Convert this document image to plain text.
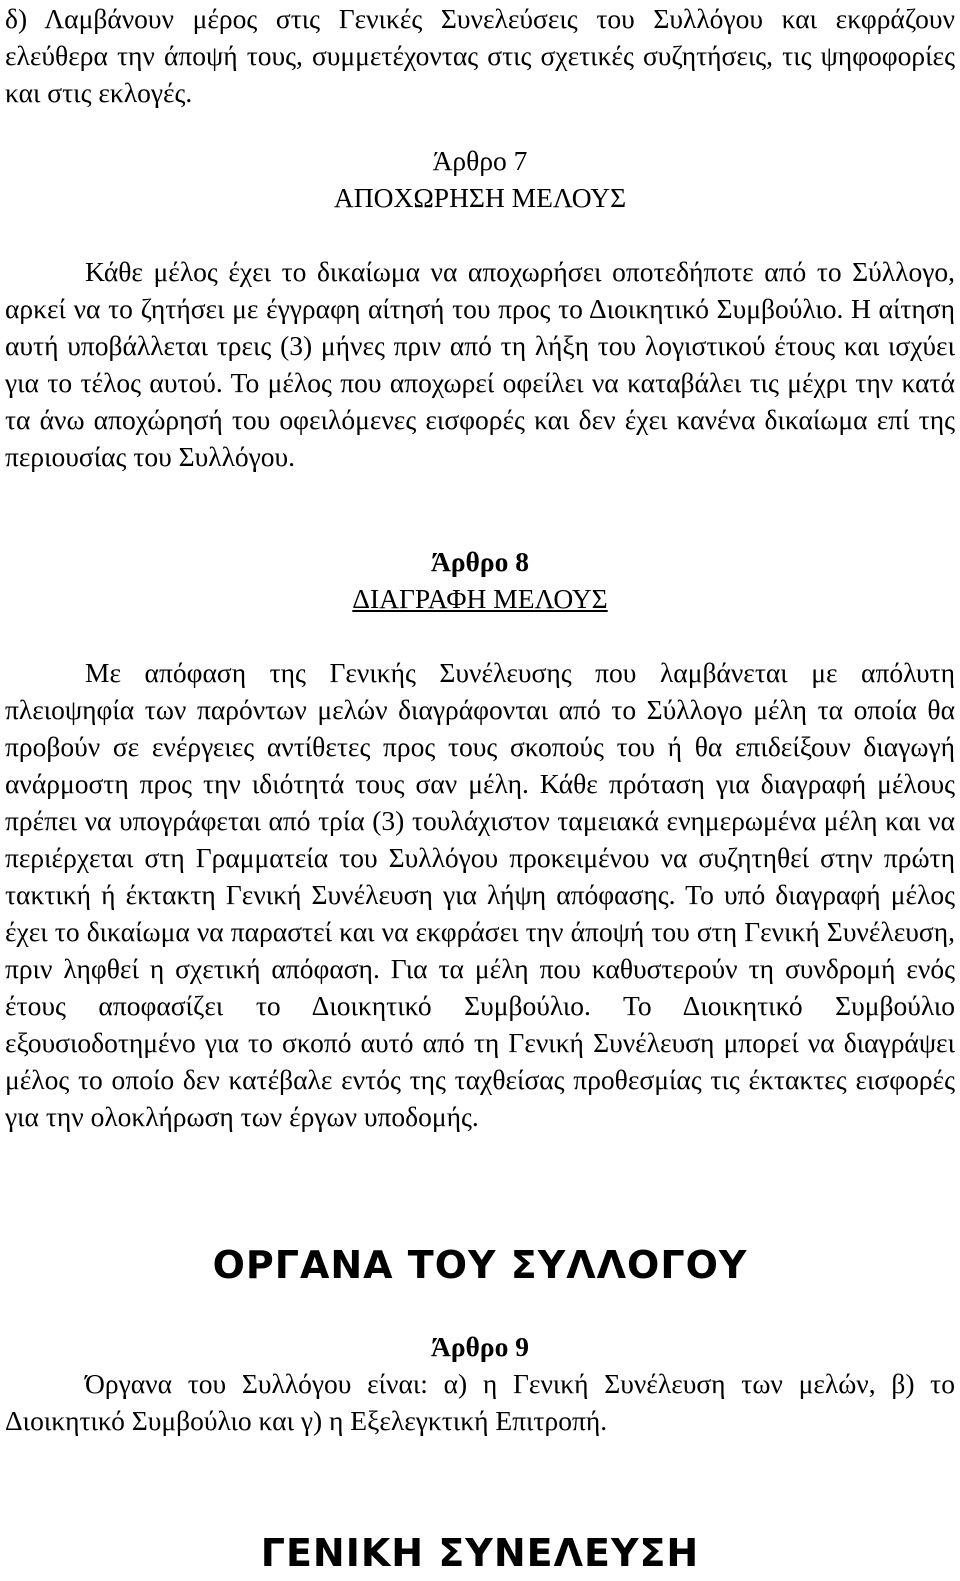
δ) Λαμβάνουν μέρος στις Γενικές Συνελεύσεις του Συλλόγου και εκφράζουν ελεύθερα την άποψή τους, συμμετέχοντας στις σχετικές συζητήσεις, τις ψηφοφορίες και στις εκλογές.

Άρθρο 7

ΑΠΟΧΩΡΗΣΗ ΜΕΛΟΥΣ

Κάθε μέλος έχει το δικαίωμα να αποχωρήσει οποτεδήποτε από το Σύλλογο, αρκεί να το ζητήσει με έγγραφη αίτησή του προς το Διοικητικό Συμβούλιο. Η αίτηση αυτή υποβάλλεται τρεις (3) μήνες πριν από τη λήξη του λογιστικού έτους και ισχύει για το τέλος αυτού. Το μέλος που αποχωρεί οφείλει να καταβάλει τις μέχρι την κατά τα άνω αποχώρησή του οφειλόμενες εισφορές και δεν έχει κανένα δικαίωμα επί της περιουσίας του Συλλόγου.

Άρθρο 8

ΔΙΑΓΡΑΦΗ ΜΕΛΟΥΣ

Με απόφαση της Γενικής Συνέλευσης που λαμβάνεται με απόλυτη πλειοψηφία των παρόντων μελών διαγράφονται από το Σύλλογο μέλη τα οποία θα προβούν σε ενέργειες αντίθετες προς τους σκοπούς του ή θα επιδείξουν διαγωγή ανάρμοστη προς την ιδιότητά τους σαν μέλη. Κάθε πρόταση για διαγραφή μέλους πρέπει να υπογράφεται από τρία (3) τουλάχιστον ταμειακά ενημερωμένα μέλη και να περιέρχεται στη Γραμματεία του Συλλόγου προκειμένου να συζητηθεί στην πρώτη τακτική ή έκτακτη Γενική Συνέλευση για λήψη απόφασης. Το υπό διαγραφή μέλος έχει το δικαίωμα να παραστεί και να εκφράσει την άποψή του στη Γενική Συνέλευση, πριν ληφθεί η σχετική απόφαση. Για τα μέλη που καθυστερούν τη συνδρομή ενός έτους αποφασίζει το Διοικητικό Συμβούλιο. Το Διοικητικό Συμβούλιο εξουσιοδοτημένο για το σκοπό αυτό από τη Γενική Συνέλευση μπορεί να διαγράψει μέλος το οποίο δεν κατέβαλε εντός της ταχθείσας προθεσμίας τις έκτακτες εισφορές για την ολοκλήρωση των έργων υποδομής.

ΟΡΓΑΝΑ ΤΟΥ ΣΥΛΛΟΓΟΥ

Άρθρο 9

Όργανα του Συλλόγου είναι: α) η Γενική Συνέλευση των μελών, β) το Διοικητικό Συμβούλιο και γ) η Εξελεγκτική Επιτροπή.

ΓΕΝΙΚΗ ΣΥΝΕΛΕΥΣΗ
